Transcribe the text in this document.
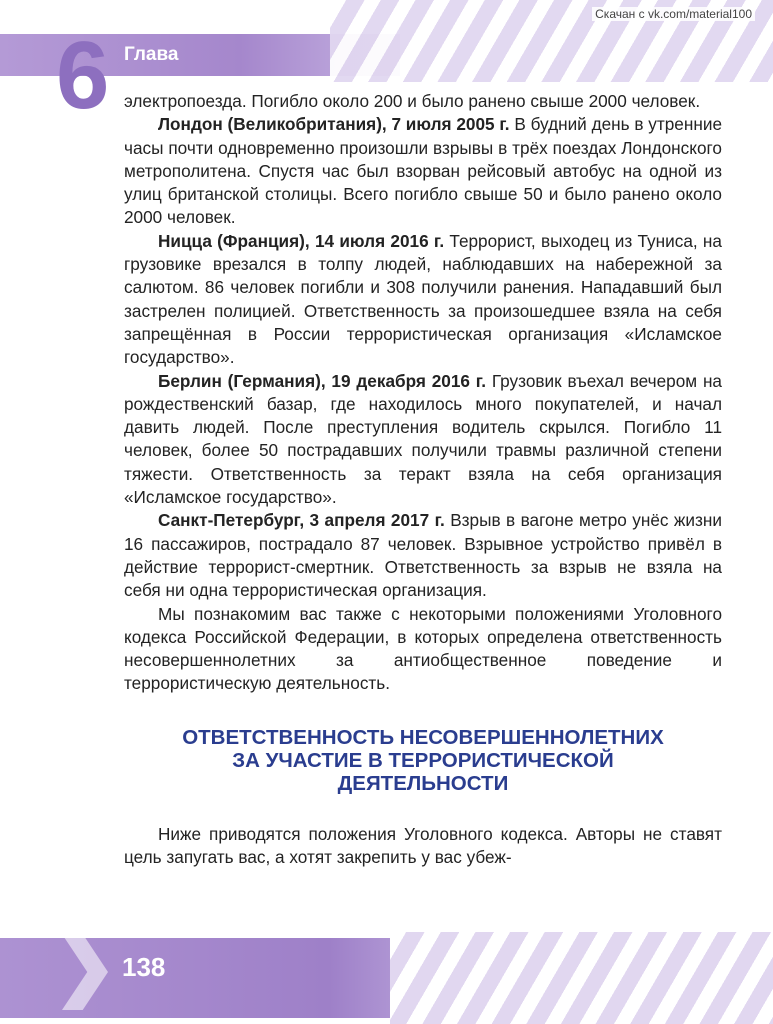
Скачан с vk.com/material100
6 Глава

электропоезда. Погибло около 200 и было ранено свыше 2000 человек.

Лондон (Великобритания), 7 июля 2005 г. В будний день в утренние часы почти одновременно произошли взрывы в трёх поездах Лондонского метрополитена. Спустя час был взорван рейсовый автобус на одной из улиц британской столицы. Всего погибло свыше 50 и было ранено около 2000 человек.

Ницца (Франция), 14 июля 2016 г. Террорист, выходец из Туниса, на грузовике врезался в толпу людей, наблюдавших на набережной за салютом. 86 человек погибли и 308 получили ранения. Нападавший был застрелен полицией. Ответственность за произошедшее взяла на себя запрещённая в России террористическая организация «Исламское государство».

Берлин (Германия), 19 декабря 2016 г. Грузовик въехал вечером на рождественский базар, где находилось много покупателей, и начал давить людей. После преступления водитель скрылся. Погибло 11 человек, более 50 пострадавших получили травмы различной степени тяжести. Ответственность за теракт взяла на себя организация «Исламское государство».

Санкт-Петербург, 3 апреля 2017 г. Взрыв в вагоне метро унёс жизни 16 пассажиров, пострадало 87 человек. Взрывное устройство привёл в действие террорист-смертник. Ответственность за взрыв не взяла на себя ни одна террористическая организация.

Мы познакомим вас также с некоторыми положениями Уголовного кодекса Российской Федерации, в которых определена ответственность несовершеннолетних за антиобщественное поведение и террористическую деятельность.

ОТВЕТСТВЕННОСТЬ НЕСОВЕРШЕННОЛЕТНИХ
ЗА УЧАСТИЕ В ТЕРРОРИСТИЧЕСКОЙ
ДЕЯТЕЛЬНОСТИ

Ниже приводятся положения Уголовного кодекса. Авторы не ставят цель запугать вас, а хотят закрепить у вас убеж-

138
